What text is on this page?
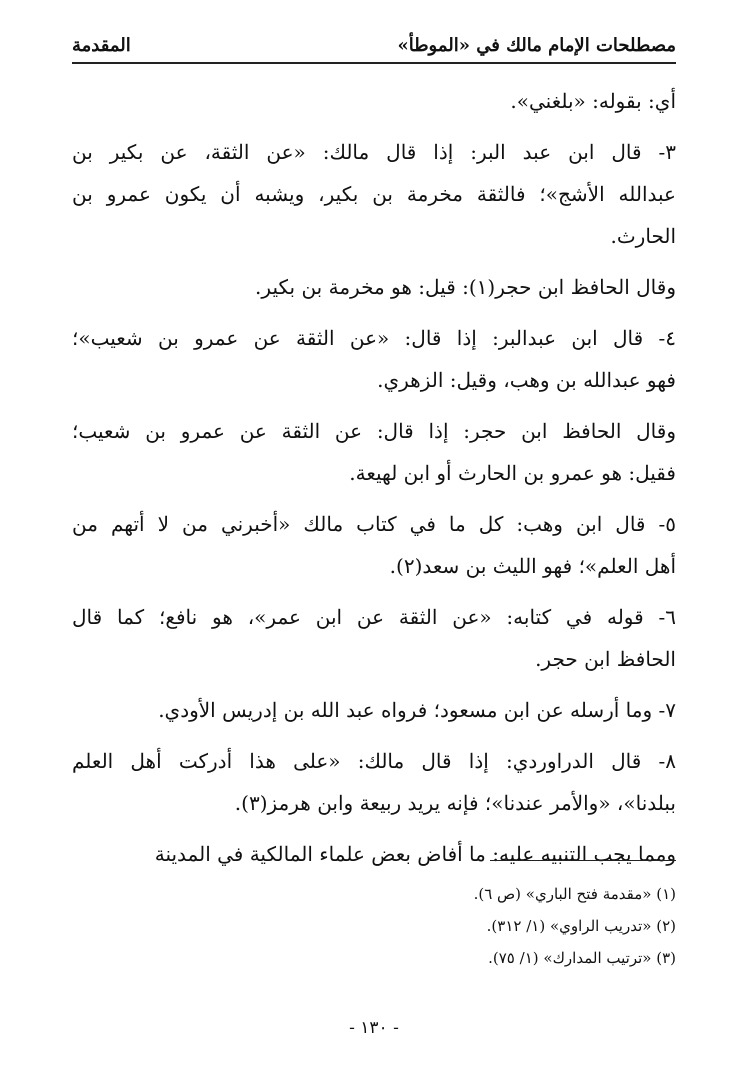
مصطلحات الإمام مالك في «الموطأ»
المقدمة
أي: بقوله: «بلغني».
٣- قال ابن عبد البر: إذا قال مالك: «عن الثقة، عن بكير بن
عبدالله الأشج»؛ فالثقة مخرمة بن بكير، ويشبه أن يكون عمرو بن
الحارث.
وقال الحافظ ابن حجر(١): قيل: هو مخرمة بن بكير.
٤- قال ابن عبدالبر: إذا قال: «عن الثقة عن عمرو بن شعيب»؛
فهو عبدالله بن وهب، وقيل: الزهري.
وقال الحافظ ابن حجر: إذا قال: عن الثقة عن عمرو بن شعيب؛
فقيل: هو عمرو بن الحارث أو ابن لهيعة.
٥- قال ابن وهب: كل ما في كتاب مالك «أخبرني من لا أتهم من
أهل العلم»؛ فهو الليث بن سعد(٢).
٦- قوله في كتابه: «عن الثقة عن ابن عمر»، هو نافع؛ كما قال
الحافظ ابن حجر.
٧- وما أرسله عن ابن مسعود؛ فرواه عبد الله بن إدريس الأودي.
٨- قال الدراوردي: إذا قال مالك: «على هذا أدركت أهل العلم
ببلدنا»، «والأمر عندنا»؛ فإنه يريد ربيعة وابن هرمز(٣).
ومما يجب التنبيه عليه: ما أفاض بعض علماء المالكية في المدينة
(١) «مقدمة فتح الباري» (ص ٦).
(٢) «تدريب الراوي» (١/ ٣١٢).
(٣) «ترتيب المدارك» (١/ ٧٥).
- ١٣٠ -
